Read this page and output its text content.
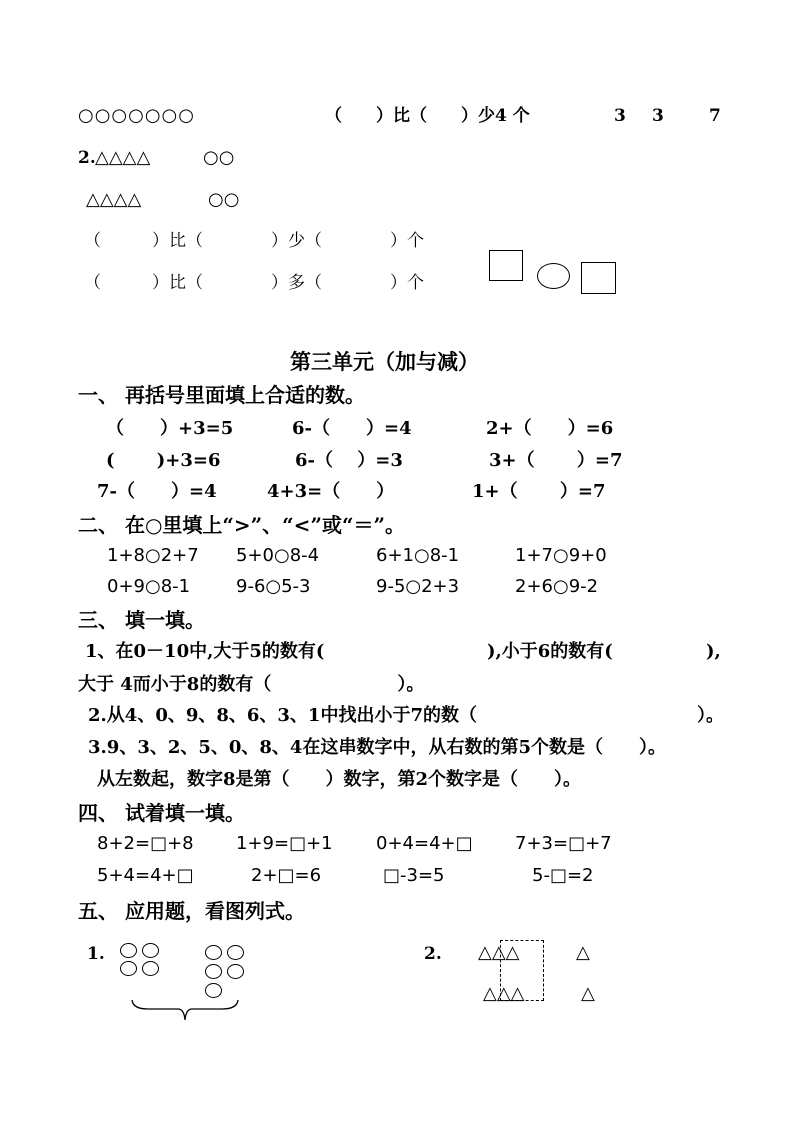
○○○○○○○	（　　）比（　　）少4 个	3 3	7
2. △△△△	○○
△△△△	○○
（　　　）比（　　　　）少（　　　　）个
（　　　）比（　　　　）多（　　　　）个
第三单元（加与减）
一、 再括号里面填上合适的数。
（　　）+3=5	6-（　　）=4	2+（　　）=6
(　　 )+3=6	6-（　 ）=3	3+（　　 ）=7
7-（　　）=4	4+3=（　　）	1+（　　 ）=7
二、 在○里填上“>”、“<”或“＝”。
1+8○2+7 5+0○8-4	6+1○8-1	1+7○9+0
0+9○8-1	9-6○5-3	9-5○2+3	2+6○9-2
三、 填一填。
1、在0－10中,大于5的数有(	),小于6的数有(	),
大于 4而小于8的数有（　　　　　　　）。
2.从4、0、9、8、6、3、1中找出小于7的数（	）。
3.9、3、2、5、0、8、4在这串数字中，从右数的第5个数是（　　）。
从左数起，数字8是第（　　）数字，第2个数字是（　　）。
四、 试着填一填。
8+2=□+8 1+9=□+1 0+4=4+□ 7+3=□+7
5+4=4+□	2+□=6	□-3=5	5-□=2
五、 应用题，看图列式。
1.	2. △△△	△
△△△	△
